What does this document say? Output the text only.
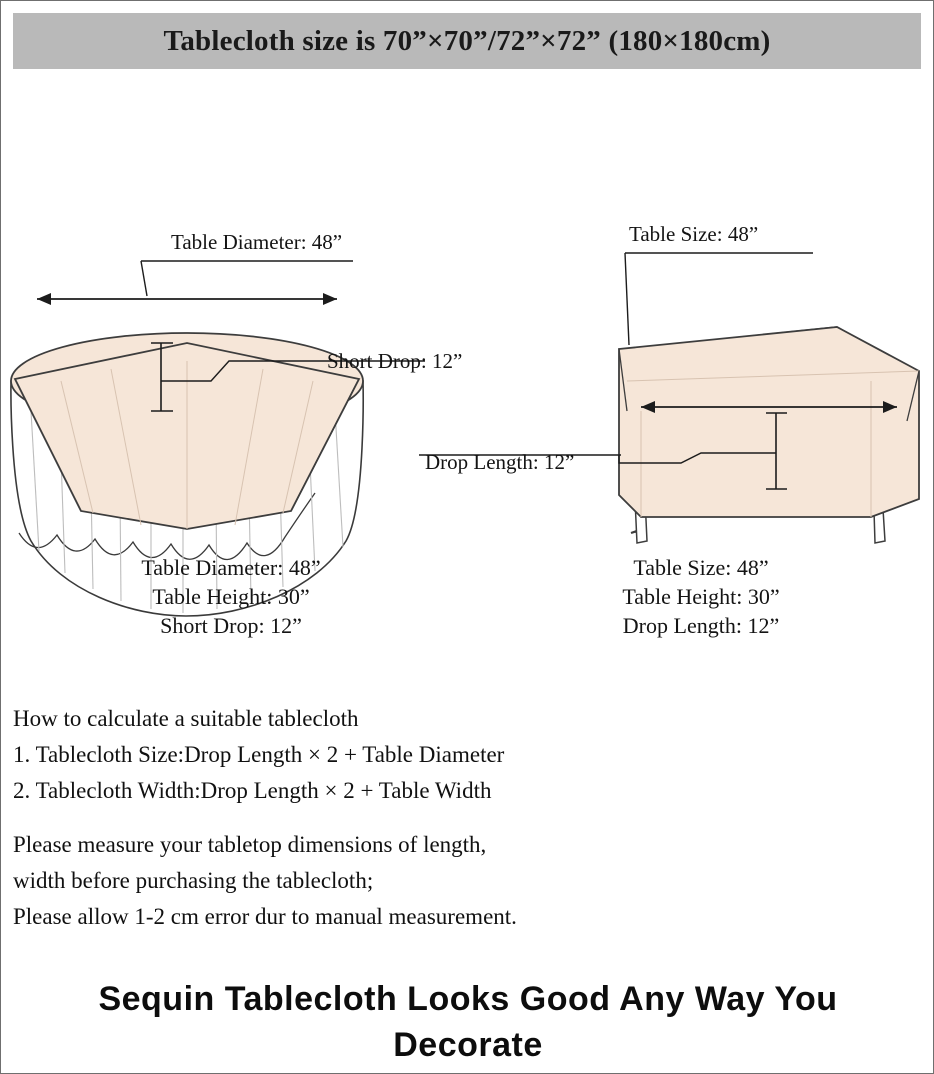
Tablecloth size is 70”×70”/72”×72” (180×180cm)
Table Diameter: 48”
Short Drop: 12”
Table Size: 48”
Drop Length: 12”
Table Diameter: 48”
Table Height: 30”
Short Drop: 12”
Table Size: 48”
Table Height: 30”
Drop Length: 12”
How to calculate a suitable tablecloth
1. Tablecloth Size:Drop Length × 2 + Table Diameter
2. Tablecloth Width:Drop Length × 2 + Table Width
Please measure your tabletop dimensions of length,
width before purchasing the tablecloth;
Please allow 1-2 cm error dur to manual measurement.
Sequin Tablecloth Looks Good Any Way You
Decorate
